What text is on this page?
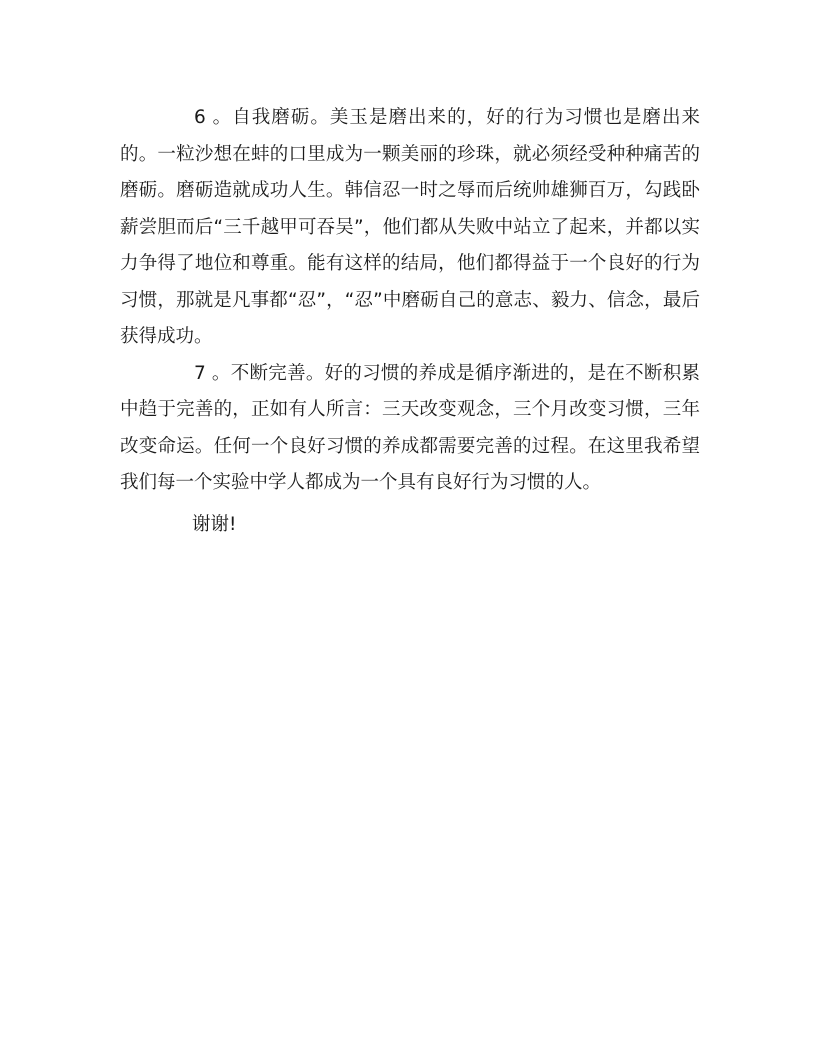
6 。自我磨砺。美玉是磨出来的，好的行为习惯也是磨出来的。一粒沙想在蚌的口里成为一颗美丽的珍珠，就必须经受种种痛苦的磨砺。磨砺造就成功人生。韩信忍一时之辱而后统帅雄狮百万，勾践卧薪尝胆而后“三千越甲可吞吴”，他们都从失败中站立了起来，并都以实力争得了地位和尊重。能有这样的结局，他们都得益于一个良好的行为习惯，那就是凡事都“忍”，“忍”中磨砺自己的意志、毅力、信念，最后获得成功。

7 。不断完善。好的习惯的养成是循序渐进的，是在不断积累中趋于完善的，正如有人所言：三天改变观念，三个月改变习惯，三年改变命运。任何一个良好习惯的养成都需要完善的过程。在这里我希望我们每一个实验中学人都成为一个具有良好行为习惯的人。

谢谢!
